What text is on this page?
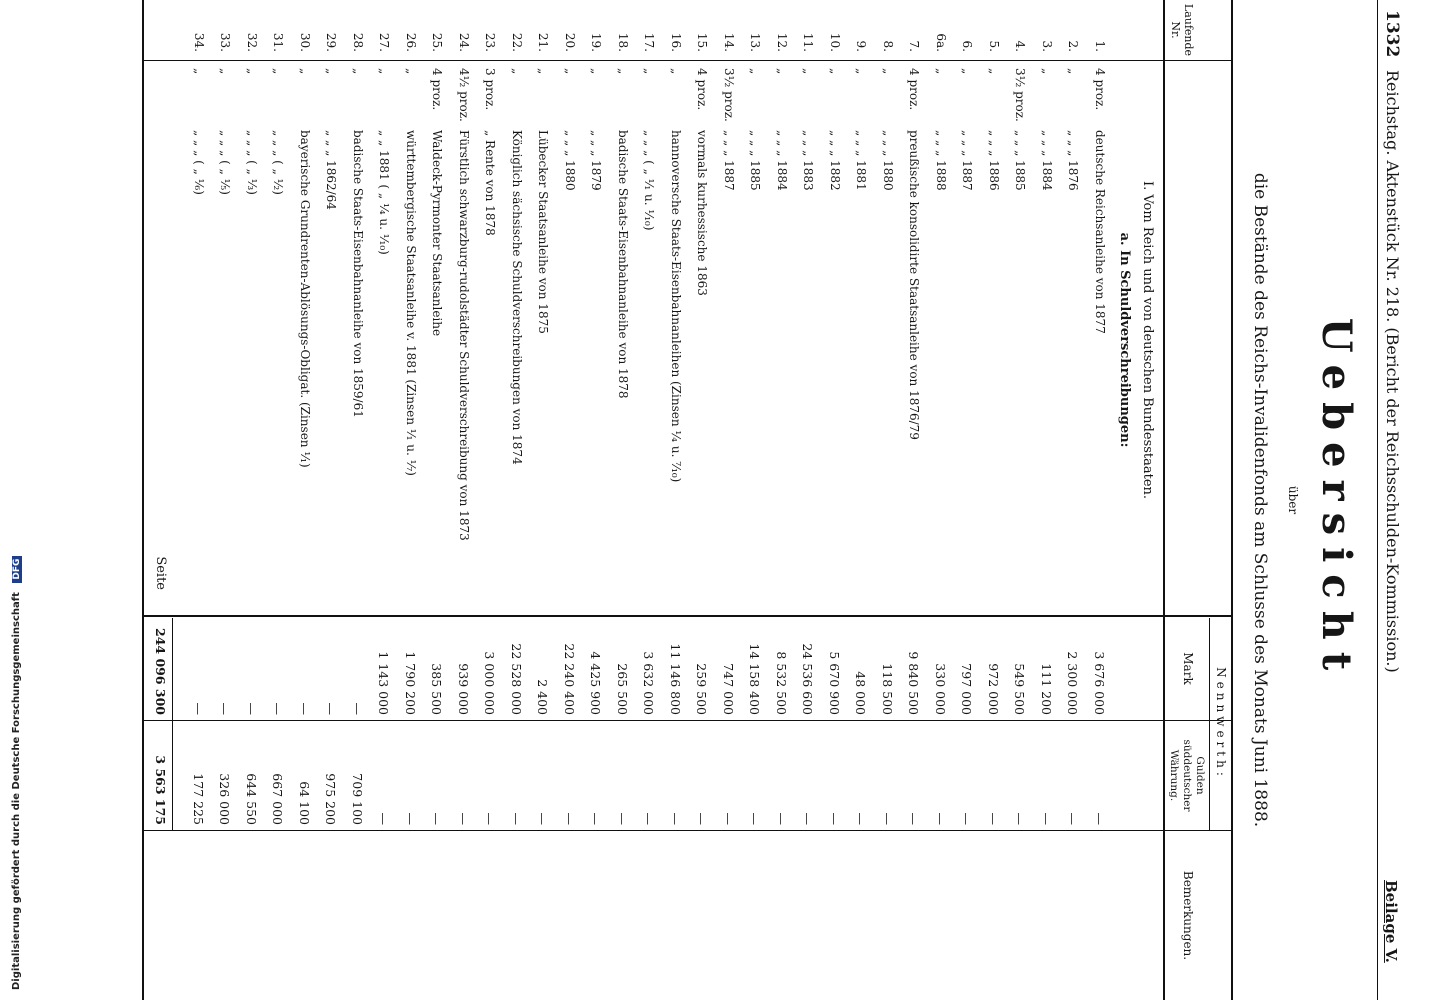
Digitalisierung gefördert durch die Deutsche Forschungsgemeinschaft DFG
1332
Reichstag. Aktenstück Nr. 218. (Bericht der Reichsschulden-Kommission.)
Beilage V.
Uebersicht
über
die Bestände des Reichs-Invalidenfonds am Schlusse des Monats Juni 1888.
Laufende Nr.
Nennwerth:
Mark
Gulden süddeutscher Währung.
Bemerkungen.
I. Vom Reich und von deutschen Bundesstaaten.
a. In Schuldverschreibungen:
1.
4 proz.
deutsche Reichsanleihe von 1877
3 676 000
—
2.
„
„ „ „ 1876
2 300 000
—
3.
„
„ „ „ 1884
111 200
—
4.
3½ proz.
„ „ „ 1885
549 500
—
5.
„
„ „ „ 1886
972 000
—
6.
„
„ „ „ 1887
797 000
—
6a.
„
„ „ „ 1888
330 000
—
7.
4 proz.
preußische konsolidirte Staatsanleihe von 1876/79
9 840 500
—
8.
„
„ „ „ 1880
118 500
—
9.
„
„ „ „ 1881
48 000
—
10.
„
„ „ „ 1882
5 670 900
—
11.
„
„ „ „ 1883
24 536 600
—
12.
„
„ „ „ 1884
8 532 500
—
13.
„
„ „ „ 1885
14 158 400
—
14.
3½ proz.
„ „ „ 1887
747 000
—
15.
4 proz.
vormals kurhessische 1863
259 500
—
16.
„
hannoversche Staats-Eisenbahnanleihen (Zinsen ¼ u. ⁷⁄₁₀)
11 146 800
—
17.
„
„ „ „ ( „ ⅟₁ u. ⅟₁₀)
3 632 000
—
18.
„
badische Staats-Eisenbahnanleihe von 1878
265 500
—
19.
„
„ „ „ 1879
4 425 900
—
20.
„
„ „ „ 1880
22 240 400
—
21.
„
Lübecker Staatsanleihe von 1875
2 400
—
22.
„
Königlich sächsische Schuldverschreibungen von 1874
22 528 000
—
23.
3 proz.
„ Rente von 1878
3 000 000
—
24.
4½ proz.
Fürstlich schwarzburg-rudolstädter Schuldverschreibung von 1873
939 000
—
25.
4 proz.
Waldeck-Pyrmonter Staatsanleihe
385 500
—
26.
„
württembergische Staatsanleihe v. 1881 (Zinsen ⅟₁ u. ⅟₇)
1 790 200
—
27.
„
„ „ 1881 ( „ ⅟₄ u. ⅟₁₀)
1 143 000
—
28.
„
badische Staats-Eisenbahnanleihe von 1859/61
—
709 100
29.
„
„ „ „ 1862/64
—
975 200
30.
„
bayerische Grundrenten-Ablösungs-Obligat. (Zinsen ⅟₁)
—
64 100
31.
„
„ „ „ ( „ ⅟₂)
—
667 000
32.
„
„ „ „ ( „ ⅟₃)
—
644 550
33.
„
„ „ „ ( „ ⅟₅)
—
326 000
34.
„
„ „ „ ( „ ⅟₆)
—
177 225
Seite
244 096 300
3 563 175
